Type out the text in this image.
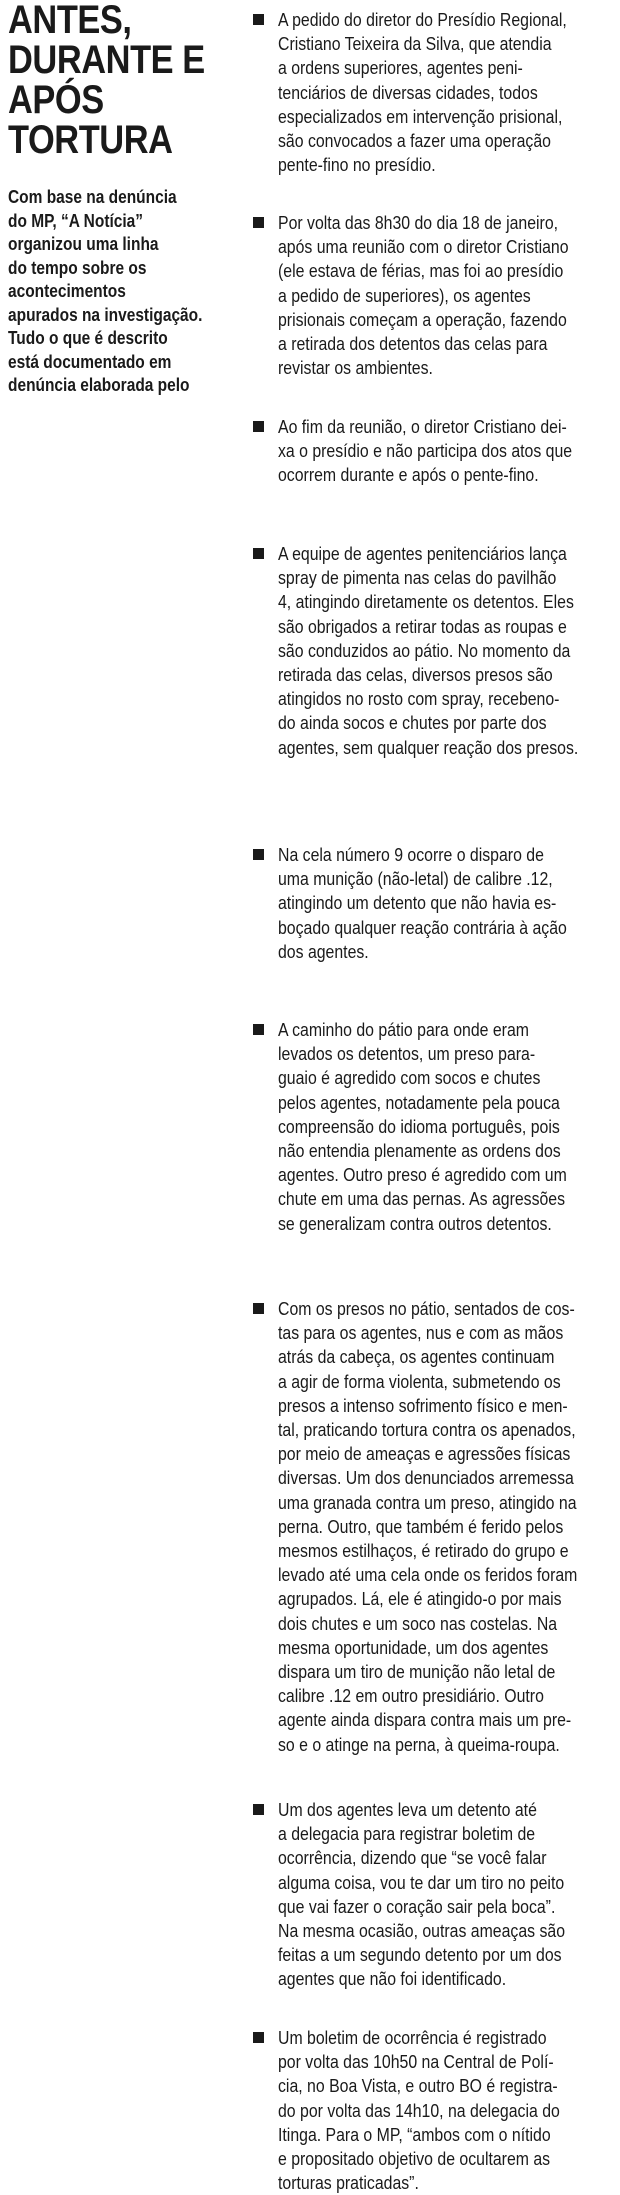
ANTES,
DURANTE E
APÓS TORTURA
Com base na denúncia
do MP, “A Notícia”
organizou uma linha
do tempo sobre os
acontecimentos
apurados na investigação.
Tudo o que é descrito
está documentado em
denúncia elaborada pelo
A pedido do diretor do Presídio Regional,
Cristiano Teixeira da Silva, que atendia
a ordens superiores, agentes peni-
tenciários de diversas cidades, todos
especializados em intervenção prisional,
são convocados a fazer uma operação
pente-fino no presídio.
Por volta das 8h30 do dia 18 de janeiro,
após uma reunião com o diretor Cristiano
(ele estava de férias, mas foi ao presídio
a pedido de superiores), os agentes
prisionais começam a operação, fazendo
a retirada dos detentos das celas para
revistar os ambientes.
Ao fim da reunião, o diretor Cristiano dei-
xa o presídio e não participa dos atos que
ocorrem durante e após o pente-fino.
A equipe de agentes penitenciários lança
spray de pimenta nas celas do pavilhão
4, atingindo diretamente os detentos. Eles
são obrigados a retirar todas as roupas e
são conduzidos ao pátio. No momento da
retirada das celas, diversos presos são
atingidos no rosto com spray, recebeno-
do ainda socos e chutes por parte dos
agentes, sem qualquer reação dos presos.
Na cela número 9 ocorre o disparo de
uma munição (não-letal) de calibre .12,
atingindo um detento que não havia es-
boçado qualquer reação contrária à ação
dos agentes.
A caminho do pátio para onde eram
levados os detentos, um preso para-
guaio é agredido com socos e chutes
pelos agentes, notadamente pela pouca
compreensão do idioma português, pois
não entendia plenamente as ordens dos
agentes. Outro preso é agredido com um
chute em uma das pernas. As agressões
se generalizam contra outros detentos.
Com os presos no pátio, sentados de cos-
tas para os agentes, nus e com as mãos
atrás da cabeça, os agentes continuam
a agir de forma violenta, submetendo os
presos a intenso sofrimento físico e men-
tal, praticando tortura contra os apenados,
por meio de ameaças e agressões físicas
diversas. Um dos denunciados arremessa
uma granada contra um preso, atingido na
perna. Outro, que também é ferido pelos
mesmos estilhaços, é retirado do grupo e
levado até uma cela onde os feridos foram
agrupados. Lá, ele é atingido-o por mais
dois chutes e um soco nas costelas. Na
mesma oportunidade, um dos agentes
dispara um tiro de munição não letal de
calibre .12 em outro presidiário. Outro
agente ainda dispara contra mais um pre-
so e o atinge na perna, à queima-roupa.
Um dos agentes leva um detento até
a delegacia para registrar boletim de
ocorrência, dizendo que “se você falar
alguma coisa, vou te dar um tiro no peito
que vai fazer o coração sair pela boca”.
Na mesma ocasião, outras ameaças são
feitas a um segundo detento por um dos
agentes que não foi identificado.
Um boletim de ocorrência é registrado
por volta das 10h50 na Central de Polí-
cia, no Boa Vista, e outro BO é registra-
do por volta das 14h10, na delegacia do
Itinga. Para o MP, “ambos com o nítido
e propositado objetivo de ocultarem as
torturas praticadas”.
